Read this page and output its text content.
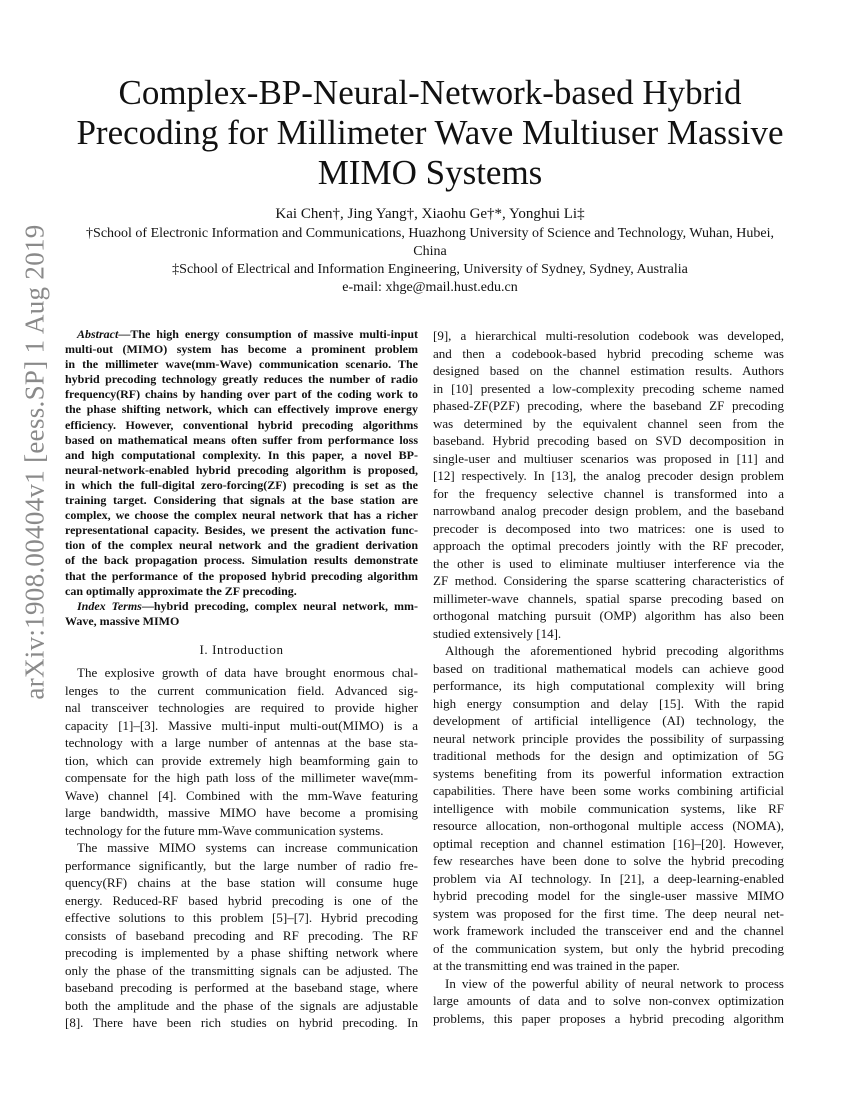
arXiv:1908.00404v1 [eess.SP] 1 Aug 2019
Complex-BP-Neural-Network-based Hybrid
Precoding for Millimeter Wave Multiuser Massive
MIMO Systems
Kai Chen†, Jing Yang†, Xiaohu Ge†*, Yonghui Li‡
†School of Electronic Information and Communications, Huazhong University of Science and Technology, Wuhan, Hubei,
China
‡School of Electrical and Information Engineering, University of Sydney, Sydney, Australia
e-mail: xhge@mail.hust.edu.cn
Abstract—The high energy consumption of massive multi-input
multi-out (MIMO) system has become a prominent problem
in the millimeter wave(mm-Wave) communication scenario. The
hybrid precoding technology greatly reduces the number of radio
frequency(RF) chains by handing over part of the coding work to
the phase shifting network, which can effectively improve energy
efficiency. However, conventional hybrid precoding algorithms
based on mathematical means often suffer from performance loss
and high computational complexity. In this paper, a novel BP-
neural-network-enabled hybrid precoding algorithm is proposed,
in which the full-digital zero-forcing(ZF) precoding is set as the
training target. Considering that signals at the base station are
complex, we choose the complex neural network that has a richer
representational capacity. Besides, we present the activation func-
tion of the complex neural network and the gradient derivation
of the back propagation process. Simulation results demonstrate
that the performance of the proposed hybrid precoding algorithm
can optimally approximate the ZF precoding.
Index Terms—hybrid precoding, complex neural network, mm-
Wave, massive MIMO
I. Introduction
The explosive growth of data have brought enormous chal-
lenges to the current communication field. Advanced sig-
nal transceiver technologies are required to provide higher
capacity [1]–[3]. Massive multi-input multi-out(MIMO) is a
technology with a large number of antennas at the base sta-
tion, which can provide extremely high beamforming gain to
compensate for the high path loss of the millimeter wave(mm-
Wave) channel [4]. Combined with the mm-Wave featuring
large bandwidth, massive MIMO have become a promising
technology for the future mm-Wave communication systems.
The massive MIMO systems can increase communication
performance significantly, but the large number of radio fre-
quency(RF) chains at the base station will consume huge
energy. Reduced-RF based hybrid precoding is one of the
effective solutions to this problem [5]–[7]. Hybrid precoding
consists of baseband precoding and RF precoding. The RF
precoding is implemented by a phase shifting network where
only the phase of the transmitting signals can be adjusted. The
baseband precoding is performed at the baseband stage, where
both the amplitude and the phase of the signals are adjustable
[8]. There have been rich studies on hybrid precoding. In
[9], a hierarchical multi-resolution codebook was developed,
and then a codebook-based hybrid precoding scheme was
designed based on the channel estimation results. Authors
in [10] presented a low-complexity precoding scheme named
phased-ZF(PZF) precoding, where the baseband ZF precoding
was determined by the equivalent channel seen from the
baseband. Hybrid precoding based on SVD decomposition in
single-user and multiuser scenarios was proposed in [11] and
[12] respectively. In [13], the analog precoder design problem
for the frequency selective channel is transformed into a
narrowband analog precoder design problem, and the baseband
precoder is decomposed into two matrices: one is used to
approach the optimal precoders jointly with the RF precoder,
the other is used to eliminate multiuser interference via the
ZF method. Considering the sparse scattering characteristics of
millimeter-wave channels, spatial sparse precoding based on
orthogonal matching pursuit (OMP) algorithm has also been
studied extensively [14].
Although the aforementioned hybrid precoding algorithms
based on traditional mathematical models can achieve good
performance, its high computational complexity will bring
high energy consumption and delay [15]. With the rapid
development of artificial intelligence (AI) technology, the
neural network principle provides the possibility of surpassing
traditional methods for the design and optimization of 5G
systems benefiting from its powerful information extraction
capabilities. There have been some works combining artificial
intelligence with mobile communication systems, like RF
resource allocation, non-orthogonal multiple access (NOMA),
optimal reception and channel estimation [16]–[20]. However,
few researches have been done to solve the hybrid precoding
problem via AI technology. In [21], a deep-learning-enabled
hybrid precoding model for the single-user massive MIMO
system was proposed for the first time. The deep neural net-
work framework included the transceiver end and the channel
of the communication system, but only the hybrid precoding
at the transmitting end was trained in the paper.
In view of the powerful ability of neural network to process
large amounts of data and to solve non-convex optimization
problems, this paper proposes a hybrid precoding algorithm
